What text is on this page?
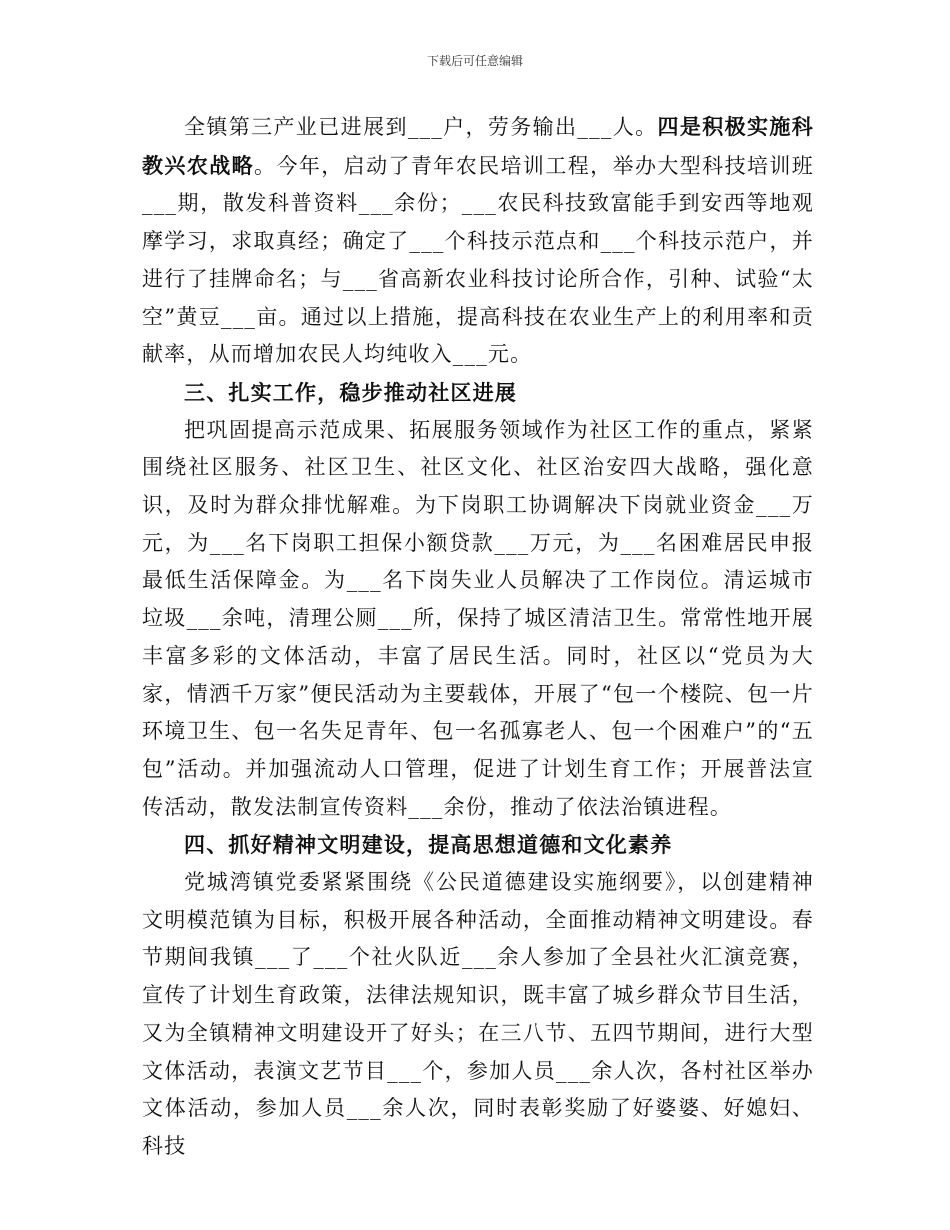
下载后可任意编辑

全镇第三产业已进展到___户，劳务输出___人。四是积极实施科教兴农战略。今年，启动了青年农民培训工程，举办大型科技培训班___期，散发科普资料___余份；___农民科技致富能手到安西等地观摩学习，求取真经；确定了___个科技示范点和___个科技示范户，并进行了挂牌命名；与___省高新农业科技讨论所合作，引种、试验“太空”黄豆___亩。通过以上措施，提高科技在农业生产上的利用率和贡献率，从而增加农民人均纯收入___元。

三、扎实工作，稳步推动社区进展

把巩固提高示范成果、拓展服务领域作为社区工作的重点，紧紧围绕社区服务、社区卫生、社区文化、社区治安四大战略，强化意识，及时为群众排忧解难。为下岗职工协调解决下岗就业资金___万元，为___名下岗职工担保小额贷款___万元，为___名困难居民申报最低生活保障金。为___名下岗失业人员解决了工作岗位。清运城市垃圾___余吨，清理公厕___所，保持了城区清洁卫生。常常性地开展丰富多彩的文体活动，丰富了居民生活。同时，社区以“党员为大家，情洒千万家”便民活动为主要载体，开展了“包一个楼院、包一片环境卫生、包一名失足青年、包一名孤寡老人、包一个困难户”的“五包”活动。并加强流动人口管理，促进了计划生育工作；开展普法宣传活动，散发法制宣传资料___余份，推动了依法治镇进程。

四、抓好精神文明建设，提高思想道德和文化素养

党城湾镇党委紧紧围绕《公民道德建设实施纲要》，以创建精神文明模范镇为目标，积极开展各种活动，全面推动精神文明建设。春节期间我镇___了___个社火队近___余人参加了全县社火汇演竞赛，宣传了计划生育政策，法律法规知识，既丰富了城乡群众节目生活，又为全镇精神文明建设开了好头；在三八节、五四节期间，进行大型文体活动，表演文艺节目___个，参加人员___余人次，各村社区举办文体活动，参加人员___余人次，同时表彰奖励了好婆婆、好媳妇、科技
